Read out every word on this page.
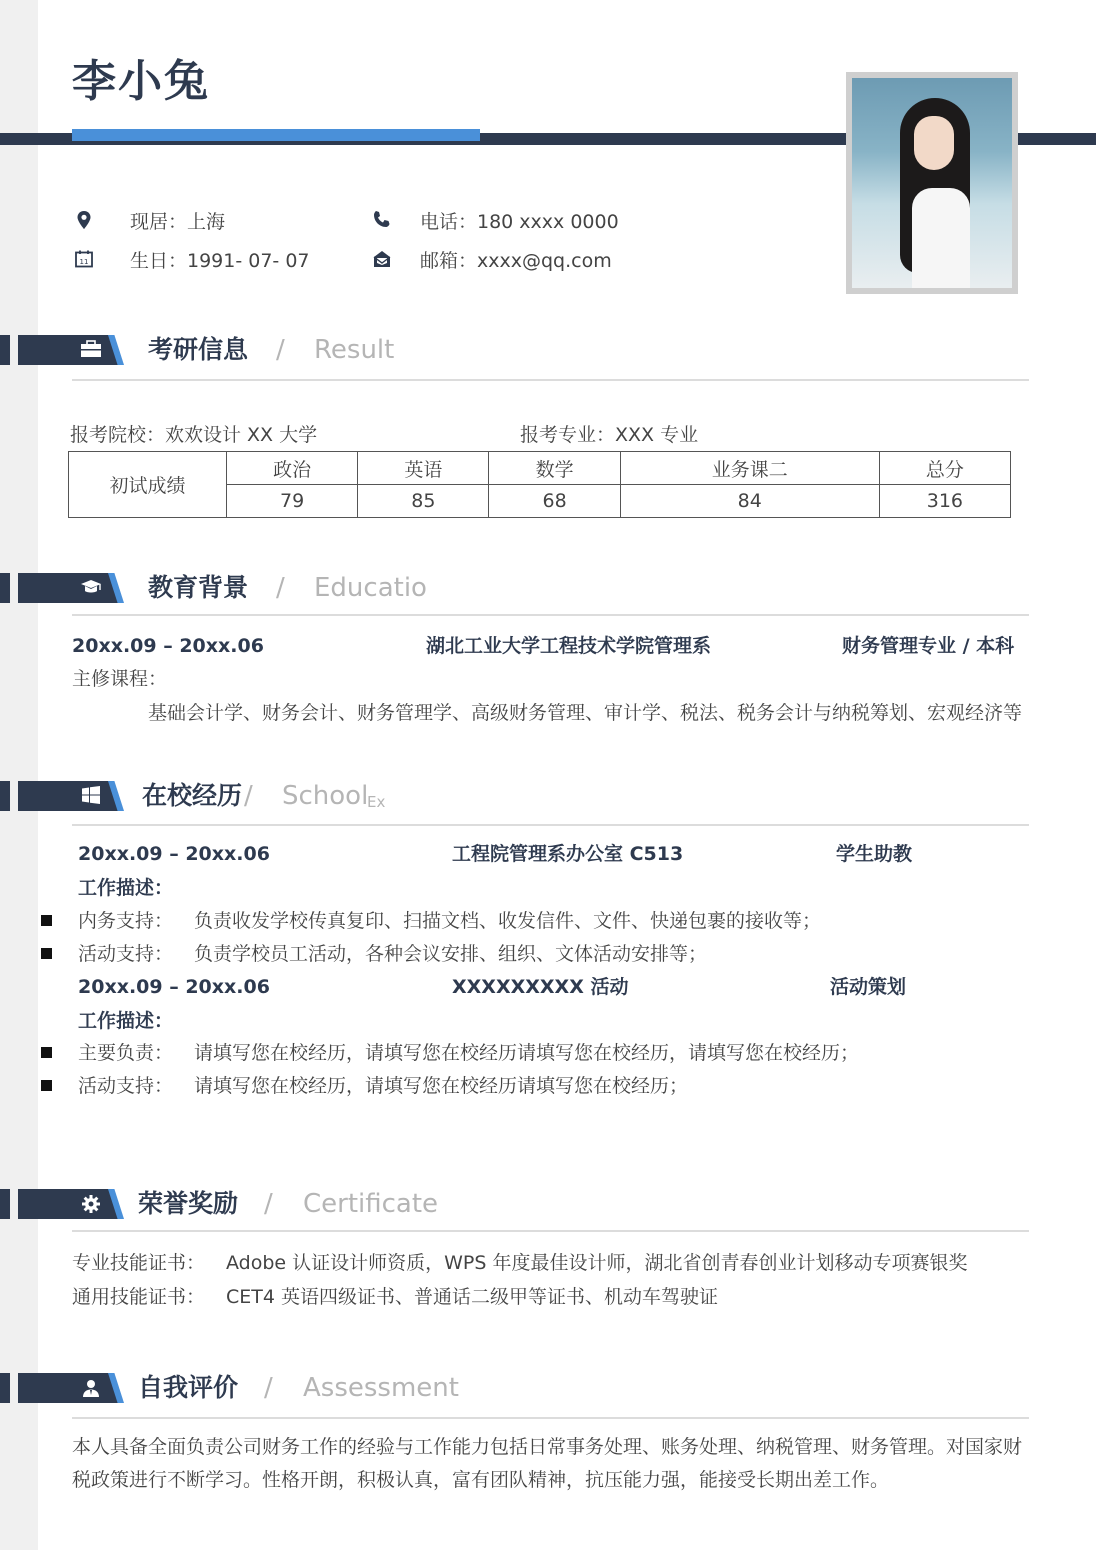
李小兔
现居：上海	电话：180 xxxx 0000
11 生日：1991- 07- 07	邮箱：xxxx@qq.com
考研信息 / Result
报考院校：欢欢设计 XX 大学	报考专业：XXX 专业
初试成绩	政治	英语	数学	业务课二	总分
	79	85	68	84	316
教育背景 / Educatio
20xx.09 – 20xx.06	湖北工业大学工程技术学院管理系	财务管理专业 / 本科
主修课程：
基础会计学、财务会计、财务管理学、高级财务管理、审计学、税法、税务会计与纳税筹划、宏观经济等
在校经历 / School
Ex
20xx.09 – 20xx.06	工程院管理系办公室 C513	学生助教
工作描述：
内务支持： 负责收发学校传真复印、扫描文档、收发信件、文件、快递包裹的接收等；
活动支持： 负责学校员工活动，各种会议安排、组织、文体活动安排等；
20xx.09 – 20xx.06	XXXXXXXXX 活动	活动策划
工作描述：
主要负责： 请填写您在校经历，请填写您在校经历请填写您在校经历，请填写您在校经历；
活动支持： 请填写您在校经历，请填写您在校经历请填写您在校经历；
荣誉奖励 / Certificate
专业技能证书： Adobe 认证设计师资质，WPS 年度最佳设计师，湖北省创青春创业计划移动专项赛银奖
通用技能证书： CET4 英语四级证书、普通话二级甲等证书、机动车驾驶证
自我评价 / Assessment
本人具备全面负责公司财务工作的经验与工作能力包括日常事务处理、账务处理、纳税管理、财务管理。对国家财
税政策进行不断学习。性格开朗，积极认真，富有团队精神，抗压能力强，能接受长期出差工作。
